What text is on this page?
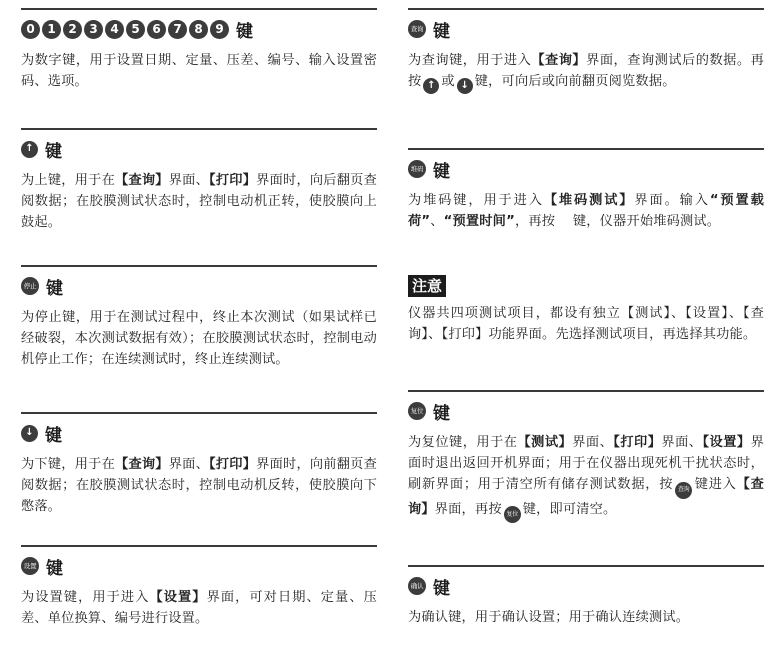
0	1	2	3	4	5	6	7	8	9 键
为数字键，用于设置日期、定量、压差、编号、输入设置密码、选项。
↑ 键
为上键，用于在【查询】界面、【打印】界面时，向后翻页查阅数据；在胶膜测试状态时，控制电动机正转，使胶膜向上鼓起。
停止 键
为停止键，用于在测试过程中，终止本次测试（如果试样已经破裂，本次测试数据有效）；在胶膜测试状态时，控制电动机停止工作；在连续测试时，终止连续测试。
↓ 键
为下键，用于在【查询】界面、【打印】界面时，向前翻页查阅数据；在胶膜测试状态时，控制电动机反转，使胶膜向下憋落。
设置 键
为设置键，用于进入【设置】界面，可对日期、定量、压差、单位换算、编号进行设置。
查询 键
为查询键，用于进入【查询】界面，查询测试后的数据。再按 ↑ 或 ↓ 键，可向后或向前翻页阅览数据。
堆码 键
为堆码键，用于进入【堆码测试】界面。输入“预置载荷”、“预置时间”，再按　 键，仪器开始堆码测试。
注意
仪器共四项测试项目，都设有独立【测试】、【设置】、【查询】、【打印】功能界面。先选择测试项目，再选择其功能。
复位 键
为复位键，用于在【测试】界面、【打印】界面、【设置】界面时退出返回开机界面；用于在仪器出现死机干扰状态时，刷新界面；用于清空所有储存测试数据，按 查询 键进入【查询】界面，再按 复位 键，即可清空。
确认 键
为确认键，用于确认设置；用于确认连续测试。
